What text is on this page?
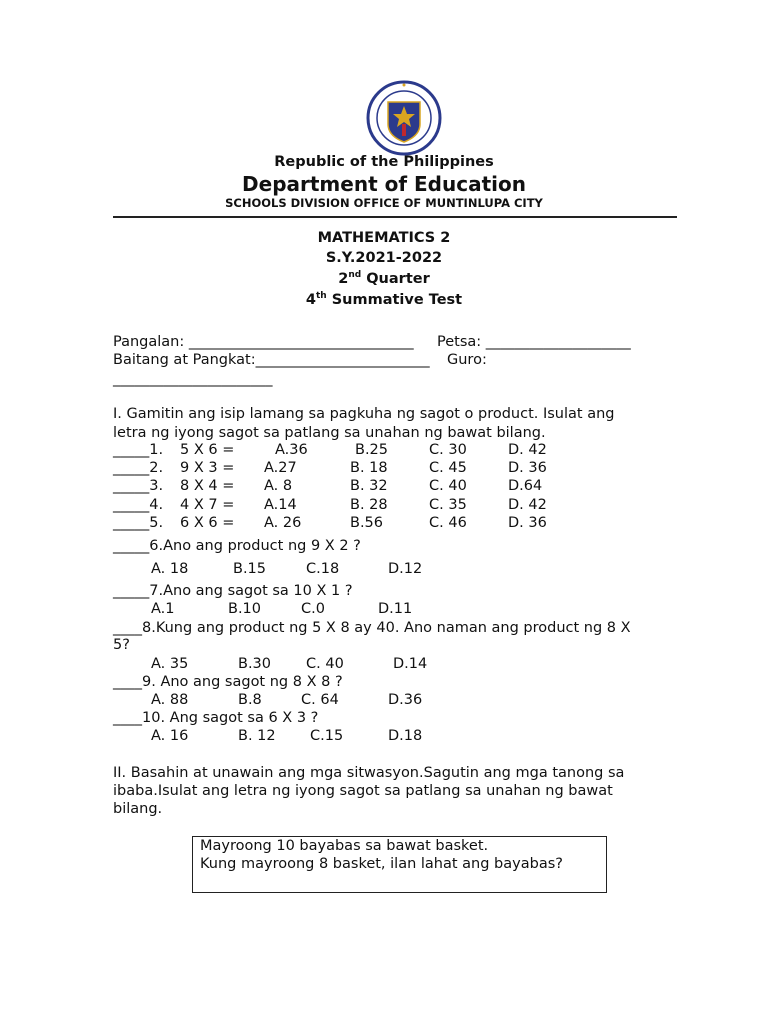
Republic of the Philippines
Department of Education
SCHOOLS DIVISION OFFICE OF MUNTINLUPA CITY
MATHEMATICS 2
S.Y.2021-2022
2nd Quarter
4th Summative Test
Pangalan: _______________________________ Petsa: ____________________
Baitang at Pangkat:________________________ Guro:
______________________
I. Gamitin ang isip lamang sa pagkuha ng sagot o product. Isulat ang
letra ng iyong sagot sa patlang sa unahan ng bawat bilang.
_____1. 5 X 6 =	A.36	B.25	C. 30	D. 42
_____2. 9 X 3 = A.27	B. 18	C. 45	D. 36
_____3. 8 X 4 = A. 8	B. 32	C. 40	D.64
_____4. 4 X 7 = A.14	B. 28	C. 35	D. 42
_____5. 6 X 6 = A. 26	B.56	C. 46	D. 36
_____6.Ano ang product ng 9 X 2 ?
A. 18	B.15	C.18	D.12
_____7.Ano ang sagot sa 10 X 1 ?
A.1	B.10	C.0	D.11
____8.Kung ang product ng 5 X 8 ay 40. Ano naman ang product ng 8 X
5?
A. 35	B.30 C. 40	D.14
____9. Ano ang sagot ng 8 X 8 ?
A. 88	B.8	C. 64	D.36
____10. Ang sagot sa 6 X 3 ?
A. 16	B. 12 C.15	D.18
II. Basahin at unawain ang mga sitwasyon.Sagutin ang mga tanong sa
ibaba.Isulat ang letra ng iyong sagot sa patlang sa unahan ng bawat
bilang.
Mayroong 10 bayabas sa bawat basket.
Kung mayroong 8 basket, ilan lahat ang bayabas?
